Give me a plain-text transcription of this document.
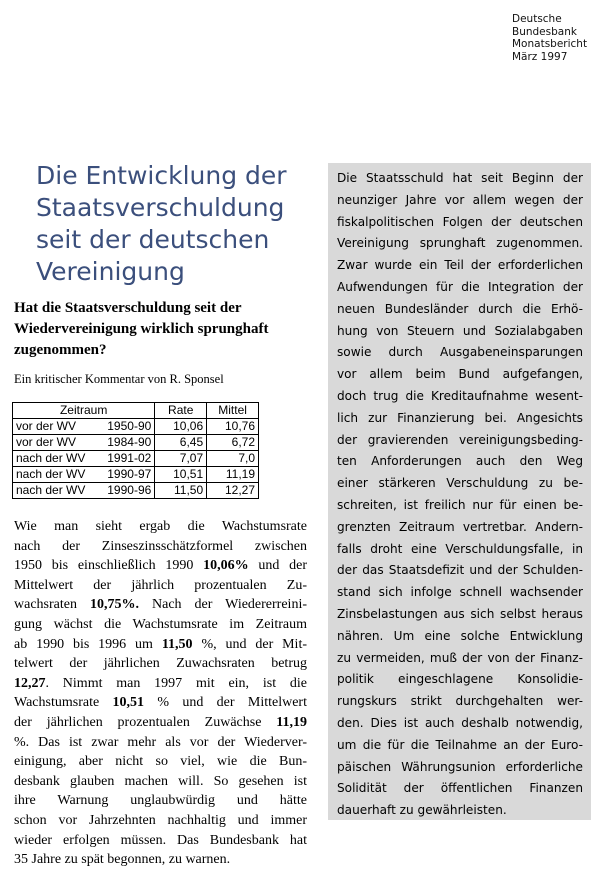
Deutsche
Bundesbank
Monatsbericht
März 1997
Die Entwicklung der
Staatsverschuldung
seit der deutschen
Vereinigung
Hat die Staatsverschuldung seit der
Wiedervereinigung wirklich sprunghaft
zugenommen?
Ein kritischer Kommentar von R. Sponsel
Zeitraum	Rate	Mittel
vor der WV 1950-90	10,06	10,76
vor der WV 1984-90	6,45	6,72
nach der WV 1991-02	7,07	7,0
nach der WV 1990-97	10,51	11,19
nach der WV 1990-96	11,50	12,27
Wie man sieht ergab die Wachstumsrate
nach der Zinseszinsschätzformel zwischen
1950 bis einschließlich 1990 10,06% und der
Mittelwert der jährlich prozentualen Zu-
wachsraten 10,75%. Nach der Wiedererreini-
gung wächst die Wachstumsrate im Zeitraum
ab 1990 bis 1996 um 11,50 %, und der Mit-
telwert der jährlichen Zuwachsraten betrug
12,27. Nimmt man 1997 mit ein, ist die
Wachstumsrate 10,51 % und der Mittelwert
der jährlichen prozentualen Zuwächse 11,19
%. Das ist zwar mehr als vor der Wiederver-
einigung, aber nicht so viel, wie die Bun-
desbank glauben machen will. So gesehen ist
ihre Warnung unglaubwürdig und hätte
schon vor Jahrzehnten nachhaltig und immer
wieder erfolgen müssen. Das Bundesbank hat
35 Jahre zu spät begonnen, zu warnen.
Die Staatsschuld hat seit Beginn der
neunziger Jahre vor allem wegen der
fiskalpolitischen Folgen der deutschen
Vereinigung sprunghaft zugenommen.
Zwar wurde ein Teil der erforderlichen
Aufwendungen für die Integration der
neuen Bundesländer durch die Erhö-
hung von Steuern und Sozialabgaben
sowie durch Ausgabeneinsparungen
vor allem beim Bund aufgefangen,
doch trug die Kreditaufnahme wesent-
lich zur Finanzierung bei. Angesichts
der gravierenden vereinigungsbeding-
ten Anforderungen auch den Weg
einer stärkeren Verschuldung zu be-
schreiten, ist freilich nur für einen be-
grenzten Zeitraum vertretbar. Andern-
falls droht eine Verschuldungsfalle, in
der das Staatsdefizit und der Schulden-
stand sich infolge schnell wachsender
Zinsbelastungen aus sich selbst heraus
nähren. Um eine solche Entwicklung
zu vermeiden, muß der von der Finanz-
politik eingeschlagene Konsolidie-
rungskurs strikt durchgehalten wer-
den. Dies ist auch deshalb notwendig,
um die für die Teilnahme an der Euro-
päischen Währungsunion erforderliche
Solidität der öffentlichen Finanzen
dauerhaft zu gewährleisten.
